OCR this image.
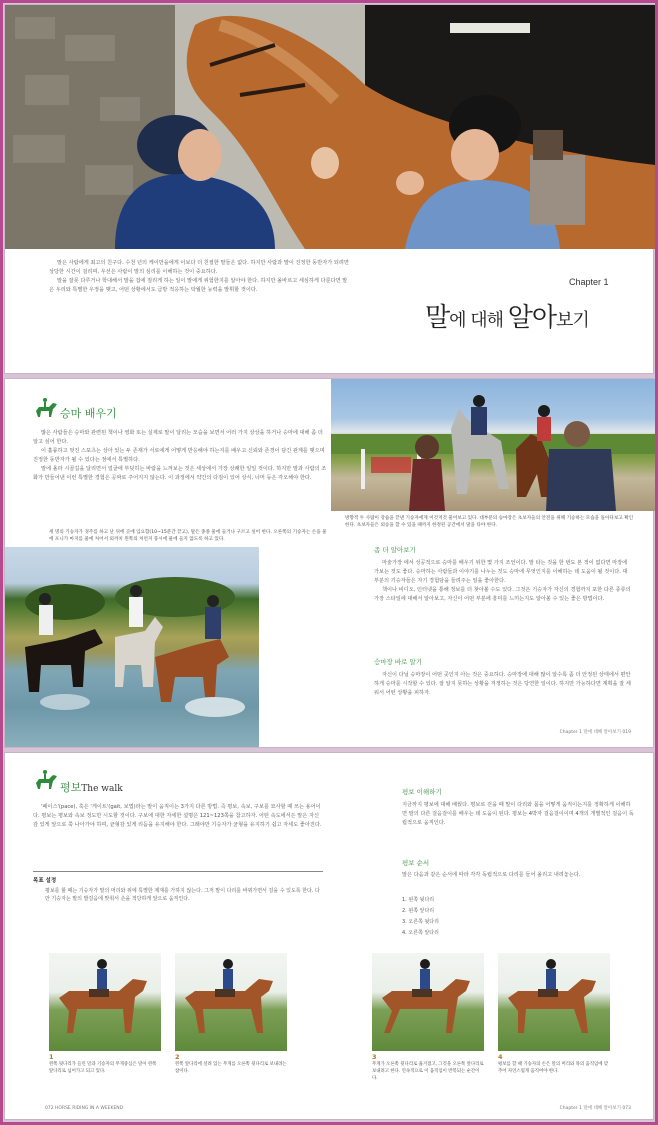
말은 사람에게 최고의 친구다. 수천 년의 케이만을에게 이보다 더 친절한 말들은 없다. 하지만 사람과 말이 진정한 동반자가 되려면 상당한 시간이 걸리며, 우선은 사람이 말의 심리를 이해하는 것이 중요하다.

말을 잘못 다루거나 학대해서 말을 겁에 질리게 하는 일이 말에게 위험한지를 알아야 한다. 하지만 올바르고 세심하게 다룬다면 말은 우리와 특별한 우정을 맺고, 어떤 상황에서도 급방 적응하는 탁월한 능력을 발휘할 것이다.

Chapter 1
말에 대해 알아보기
승마 배우기

많은 사람들은 승마와 관련된 책이나 영화 또는 실제로 말이 달리는 모습을 보면서 어러 가지 상상을 하거나 승마에 대해 좀 더 알고 싶어 한다.

이 훌륭하고 멋진 스포츠는 상아 있는 두 존재가 서로에게 어떻게 반응해야 하는지를 배우고 신뢰와 존경이 담긴 관계를 맺으며 진정한 동반자가 될 수 있다는 점에서 특별하다.

말에 올라 시골길을 달리면서 얼굴에 부딪히는 바람을 느껴보는 것은 세상에서 가장 상쾌한 일일 것이다. 하지만 말과 사람의 조화가 만들어낸 이런 특별한 경험은 공짜로 주어지지 않는다. 이 과정에서 약간의 다짐이 있어 상식, 너머 등은 각오해야 한다.

세 명의 기승자가 경주를 하고 난 뒤에 곳에 입요함(10~15분간 끝고), 말은 종종 물에 들거나 구르고 싶어 한다. 오른쪽의 기승자는 손을 물에 포니가 마지를 물에 처어서 외까치 왼쪽의 처런지 풍시에 물에 들지 않도록 하고 있다.
방향적 두 사람이 강습을 끝낸 기승자에게 이것저것 물어보고 있다. 대부분의 승마장은 초보자들의 안전을 위해 기승하는 모습을 돌아다보고 확인한다. 초보자들은 외승을 할 수 있을 때까지 한정된 공간에서 말을 타야 한다.
좀 더 알아보기

마술가장 에서 성공적으로 승마를 배우기 위한 몇 가지 조언이다. 말 타는 것을 한 번도 본 적이 없다면 마장에 가보는 것도 좋다. 승마하는 사람들과 이야기를 나누는 것도 승마에 무엇인지를 이해하는 데 도움이 될 것이다. 대부분의 기승자들은 자기 경험담을 들려주는 일을 좋아한다.

책이나 비디오, 인터넷을 통해 정보를 더 찾아볼 수도 있다. 그것은 기승자가 자신의 경험까지 포한 다른 종류의 가장 스타일에 대해서 알아보고, 자신이 어떤 부분에 흥미를 느끼는지도 알아볼 수 있는 좋은 방법이다.

승마장 바로 알기

자신이 다닐 승마장이 어떤 곳인지 아는 것은 중요하다. 승마장에 대해 많이 알수록 좀 더 안정된 상태에서 편안하게 승마를 시작할 수 있다. 잘 알지 못하는 상황을 걱정하는 것은 당연한 일이다. 하지만 가능하다면 계획을 잘 세워서 어떤 상황을 피하자.

Chapter 1 말에 대해 알아보기 019
평보The walk

'페이스'(pace), 혹은 '게이트'(gait, 보법)라는 말이 움직이는 3가지 다른 방법. 즉 평보, 속보, 구보를 묘사할 때 쓰는 용어이다. 평보는 평보와 속보 정도만 시도할 것이다. 구보에 대한 자세한 설명은 121~123쪽을 참고하자. 어떤 속도에서든 말은 자신감 있게 앞으로 쭉 나아가야 하며, 균형감 있게 리듬을 유지해야 한다. 그래야만 기승자가 균형을 유지하기 쉽고 자세도 좋아진다.

목표 설정
평보를 할 때는 기승자가 말의 머리와 위에 특별한 제재를 가하지 않는다. 그저 말이 다리를 바꿔가면서 걸을 수 있도록 한다. 다만 기승자는 말의 발걸음에 맞춰서 손을 적당하게 앞으로 움직인다.
평보 이해하기
지금까지 평보에 대해 배웠다. 평보로 걷을 때 말이 다리와 몸을 어떻게 움직이는지를 정확하게 이해하면 말의 다른 걸음걸이를 배우는 데 도움이 된다. 평보는 4박자 걸음걸이이며 4개의 개별적인 걸음이 독립적으로 움직인다.
평보 순서
말은 다음과 같은 순서에 따라 각각 독립적으로 다리를 들어 올리고 내려놓는다.
1. 왼쪽 뒷다리
2. 왼쪽 앞다리
3. 오른쪽 뒷다리
4. 오른쪽 앞다리
1
왼쪽 뒷다리가 들린 말과 기승자의 무게중심은 말이 왼쪽 앞다리로 넘어가고 되고 있다.
2
왼쪽 앞다리에 실려 있는 무게를 오른쪽 뒷다리로 보내려는 참이다.
3
무게가 오른쪽 뒷다리로 옮겨졌고, 그것을 오른쪽 앞다리로 보내려고 한다. 연속적으로 이 움직임이 반복되는 순간이다.
4
평보를 할 때 기승자의 손은 말의 머리와 목의 움직임에 맞추어 자연스럽게 움직여야 한다.
072 HORSE RIDING IN A WEEKEND	Chapter 1 말에 대해 알아보기 073
